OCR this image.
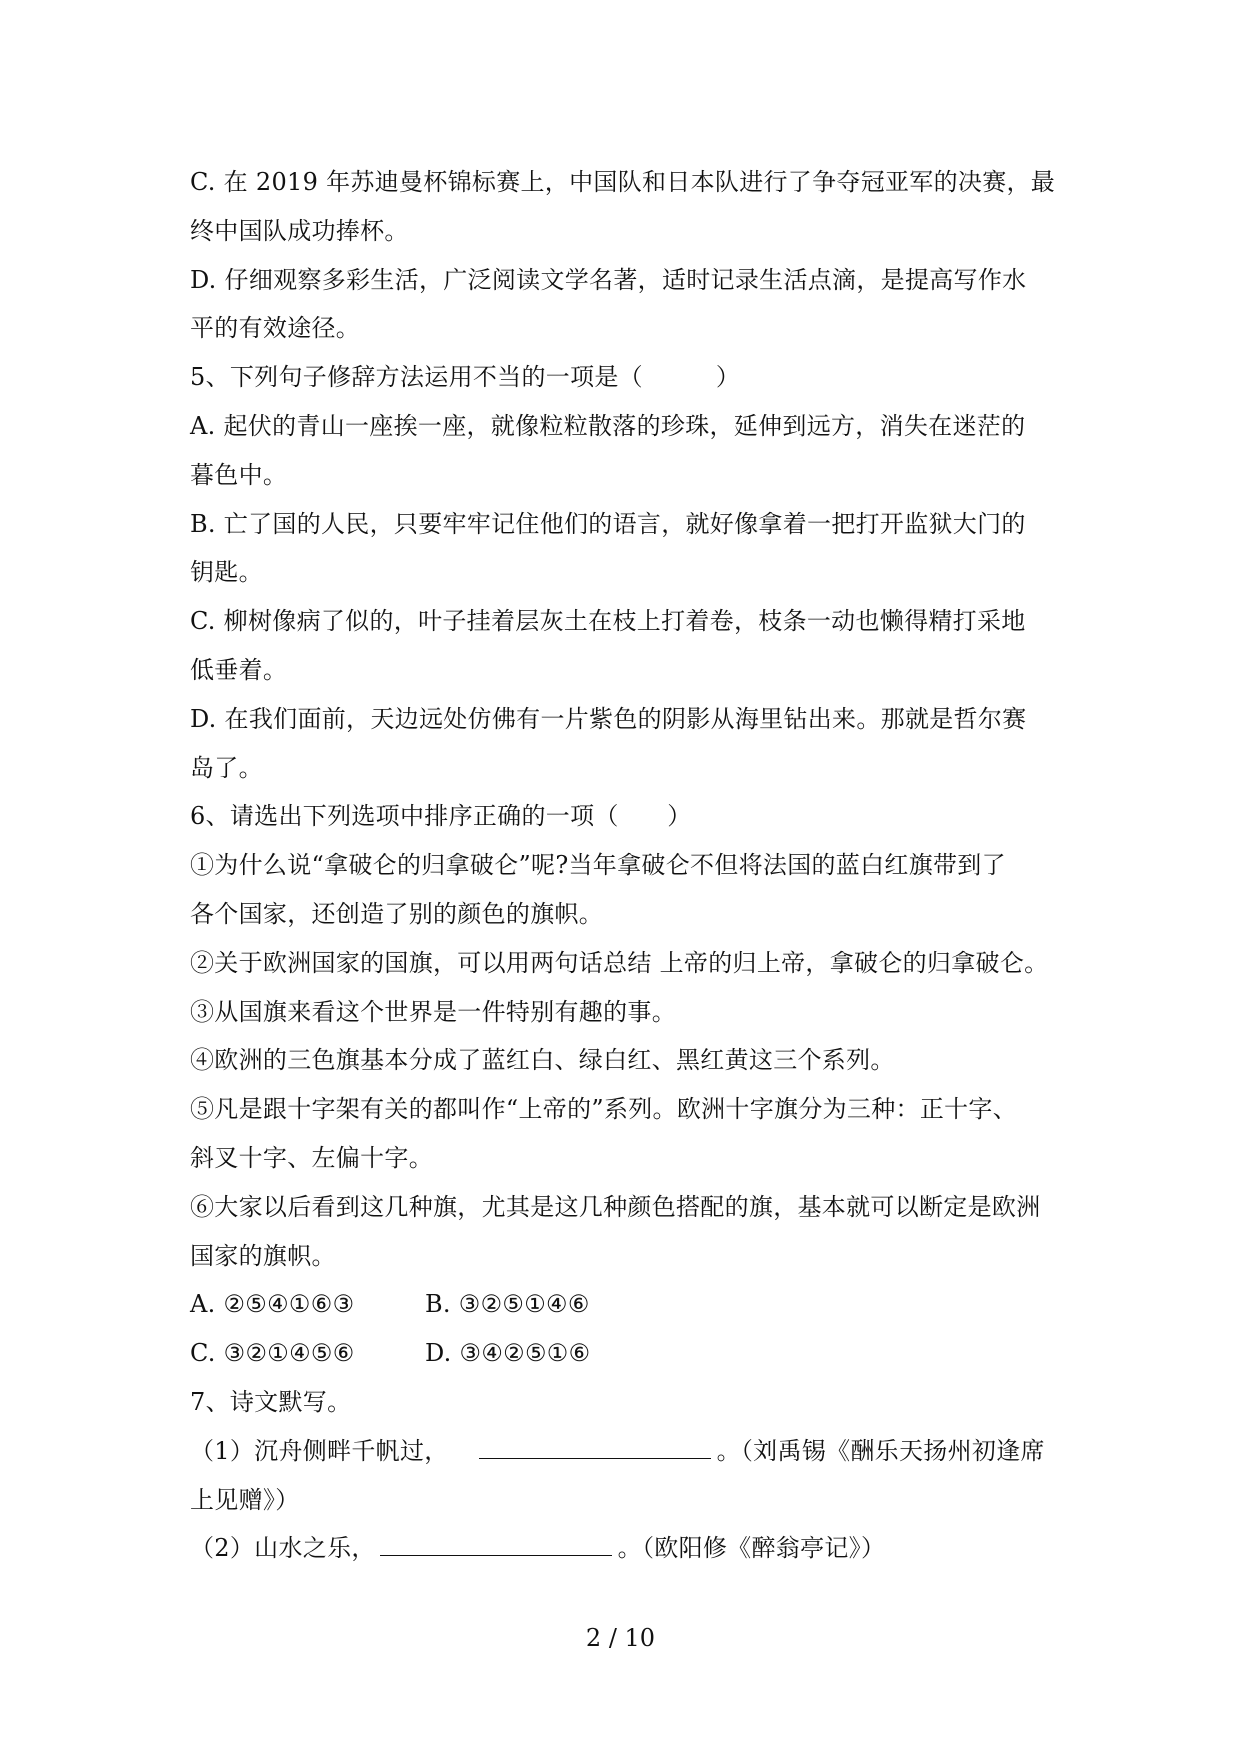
C. 在 2019 年苏迪曼杯锦标赛上，中国队和日本队进行了争夺冠亚军的决赛，最
终中国队成功捧杯。
D. 仔细观察多彩生活，广泛阅读文学名著，适时记录生活点滴，是提高写作水
平的有效途径。
5、下列句子修辞方法运用不当的一项是（　　　）
A. 起伏的青山一座挨一座，就像粒粒散落的珍珠，延伸到远方，消失在迷茫的
暮色中。
B. 亡了国的人民，只要牢牢记住他们的语言，就好像拿着一把打开监狱大门的
钥匙。
C. 柳树像病了似的，叶子挂着层灰土在枝上打着卷，枝条一动也懒得精打采地
低垂着。
D. 在我们面前，天边远处仿佛有一片紫色的阴影从海里钻出来。那就是哲尔赛
岛了。
6、请选出下列选项中排序正确的一项（　　）
①为什么说“拿破仑的归拿破仑”呢?当年拿破仑不但将法国的蓝白红旗带到了
各个国家，还创造了别的颜色的旗帜。
②关于欧洲国家的国旗，可以用两句话总结 上帝的归上帝，拿破仑的归拿破仑。
③从国旗来看这个世界是一件特别有趣的事。
④欧洲的三色旗基本分成了蓝红白、绿白红、黑红黄这三个系列。
⑤凡是跟十字架有关的都叫作“上帝的”系列。欧洲十字旗分为三种：正十字、
斜叉十字、左偏十字。
⑥大家以后看到这几种旗，尤其是这几种颜色搭配的旗，基本就可以断定是欧洲
国家的旗帜。
A. ②⑤④①⑥③	B. ③②⑤①④⑥
C. ③②①④⑤⑥	D. ③④②⑤①⑥
7、诗文默写。
（1）沉舟侧畔千帆过，	。（刘禹锡《酬乐天扬州初逢席
上见赠》）
（2）山水之乐，	。（欧阳修《醉翁亭记》）
2 / 10
